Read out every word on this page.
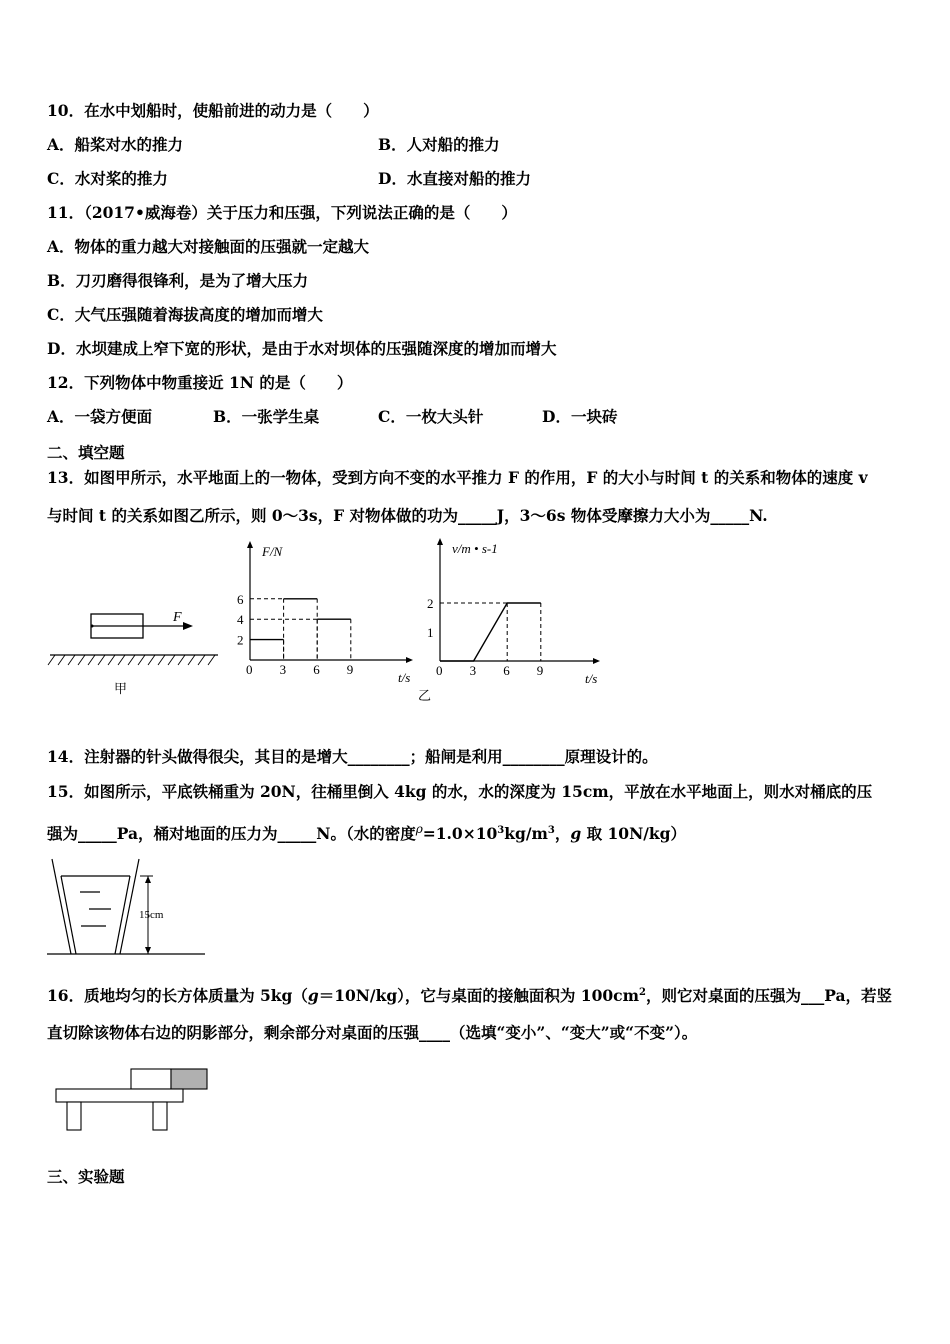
10．在水中划船时，使船前进的动力是（　　）
A．船桨对水的推力	B．人对船的推力
C．水对桨的推力	D．水直接对船的推力
11．（2017•威海卷）关于压力和压强，下列说法正确的是（　　）
A．物体的重力越大对接触面的压强就一定越大
B．刀刃磨得很锋利，是为了增大压力
C．大气压强随着海拔高度的增加而增大
D．水坝建成上窄下宽的形状，是由于水对坝体的压强随深度的增加而增大
12．下列物体中物重接近 1N 的是（　　）
A．一袋方便面	B．一张学生桌	C．一枚大头针	D．一块砖
二、填空题
13．如图甲所示，水平地面上的一物体，受到方向不变的水平推力 F 的作用，F 的大小与时间 t 的关系和物体的速度 v
与时间 t 的关系如图乙所示，则 0～3s，F 对物体做的功为_____J，3～6s 物体受摩擦力大小为_____N.
F
甲
F/N
t/s
0 3 6 9
2
4
6
v/m • s-1
t/s
0 3 6 9
1
2
乙
14．注射器的针头做得很尖，其目的是增大________；船闸是利用________原理设计的。
15．如图所示，平底铁桶重为 20N，往桶里倒入 4kg 的水，水的深度为 15cm，平放在水平地面上，则水对桶底的压
强为_____Pa，桶对地面的压力为_____N。（水的密度$^\rho=1.0\times 10^3kg/m^3$，g 取 10N/kg）
15cm
16．质地均匀的长方体质量为 5kg（g＝10N/kg），它与桌面的接触面积为 $100cm^2$，则它对桌面的压强为___Pa，若竖
直切除该物体右边的阴影部分，剩余部分对桌面的压强____（选填“变小”、“变大”或“不变”）。
三、实验题
